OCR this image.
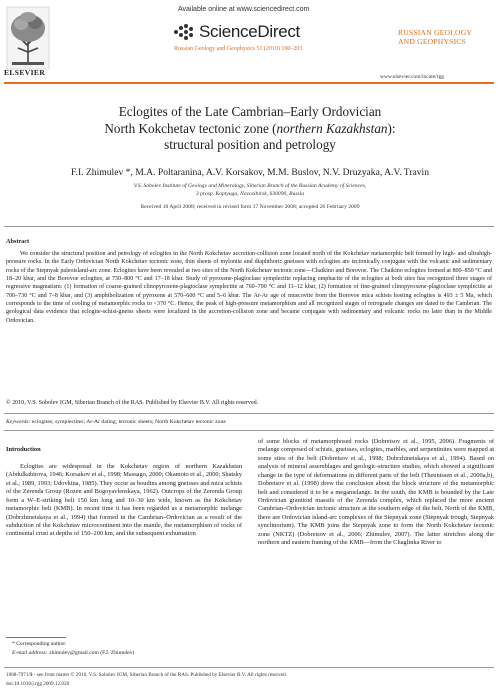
Available online at www.sciencedirect.com
ScienceDirect
Russian Geology and Geophysics 51 (2010) 190–203
ELSEVIER
RUSSIAN GEOLOGY
AND GEOPHYSICS
www.elsevier.com/locate/rgg
Eclogites of the Late Cambrian–Early Ordovician
North Kokchetav tectonic zone (northern Kazakhstan):
structural position and petrology
F.I. Zhimulev *, M.A. Poltaranina, A.V. Korsakov, M.M. Buslov, N.V. Druzyaka, A.V. Travin
V.S. Sobolev Institute of Geology and Mineralogy, Siberian Branch of the Russian Academy of Sciences,
3 prosp. Koptyuga, Novosibirsk, 630090, Russia
Received 10 April 2008; received in revised form 17 November 2008; accepted 26 February 2009
Abstract
We consider the structural position and petrology of eclogites in the North Kokchetav accretion-collision zone located north of the Kokchetav metamorphic belt formed by high- and ultrahigh-pressure rocks. In the Early Ordovician North Kokchetav tectonic zone, thin sheets of mylonite and diaphthoric gneisses with eclogites are tectonically conjugate with the volcanic and sedimentary rocks of the Stepnyak paleoisland-arc zone. Eclogites have been revealed at two sites of the North Kokchetav tectonic zone—Chaikino and Borovoe. The Chaikino eclogites formed at 800–850 °C and 18–20 kbar, and the Borovoe eclogites, at 750–800 °C and 17–18 kbar. Study of pyroxene-plagioclase symplectite replacing omphacite of the eclogites at both sites has recognized three stages of regressive magmatism: (1) formation of coarse-grained clinopyroxene-plagioclase symplectite at 760–790 °C and 11–12 kbar, (2) formation of fine-grained clinopyroxene-plagioclase symplectite at 700–730 °C and 7–8 kbar, and (3) amphibolization of pyroxene at 570–600 °C and 5–6 kbar. The Ar-Ar age of muscovite from the Borovoe mica schists hosting eclogites is 493 ± 5 Ma, which corresponds to the time of cooling of metamorphic rocks to <370 °C. Hence, the peak of high-pressure metamorphism and all recognized stages of retrograde changes are dated to the Cambrian. The geological data evidence that eclogite-schist-gneiss sheets were localized in the accretion-collision zone and became conjugate with sedimentary and volcanic rocks no later than in the Middle Ordovician.
© 2010, V.S. Sobolev IGM, Siberian Branch of the RAS. Published by Elsevier B.V. All rights reserved.
Keywords: eclogites; symplectites; Ar-Ar dating; tectonic sheets; North Kokchetav tectonic zone
Introduction
Eclogites are widespread in the Kokchetav region of northern Kazakhstan (Abdulkabirova, 1946; Korsakov et al., 1998; Massago, 2000; Okamoto et al., 2000; Shatsky et al., 1989, 1993; Udovkina, 1985). They occur as boudins among gneisses and mica schists of the Zerenda Group (Rozen and Bogoyavlenskaya, 1962). Outcrops of the Zerenda Group form a W–E-striking belt 150 km long and 10–30 km wide, known as the Kokchetav metamorphic belt (KMB). In recent time it has been regarded as a metamorphic melange (Dobrzhinetskaya et al., 1994) that formed in the Cambrian–Ordovician as a result of the subduction of the Kokchetav microcontinent into the mantle, the metamorphism of rocks of continental crust at depths of 150–200 km, and the subsequent exhumation
of some blocks of metamorphosed rocks (Dobretsov et al., 1995, 2006). Fragments of melange composed of schists, gneisses, eclogites, marbles, and serpentinites were mapped at some sites of the belt (Dobretsov et al., 1998; Dobrzhinetskaya et al., 1994). Based on analysis of mineral assemblages and geologic-structure studies, which showed a significant change in the type of deformations in different parts of the belt (Theunissen et al., 2000a,b), Dobretsov et al. (1998) drew the conclusion about the block structure of the metamorphic belt and considered it to be a megamelange. In the south, the KMB is bounded by the Late Ordovician granitoid massifs of the Zerenda complex, which replaced the more ancient Cambrian–Ordovician tectonic structure at the southern edge of the belt. North of the KMB, there are Ordovician island-arc complexes of the Stepnyak zone (Stepnyak trough, Stepnyak synclinorium). The KMB joins the Stepnyak zone to form the North Kokchetav tectonic zone (NKTZ) (Dobretsov et al., 2006; Zhimulev, 2007). The latter stretches along the northern and eastern framing of the KMB—from the Chaglinka River to
* Corresponding author.
E-mail address: zhimulev@gmail.com (F.I. Zhimulev)
1068-7971/$ - see front matter © 2010, V.S. Sobolev IGM, Siberian Branch of the RAS. Published by Elsevier B.V. All rights reserved.
doi:10.1016/j.rgg.2009.12.020
